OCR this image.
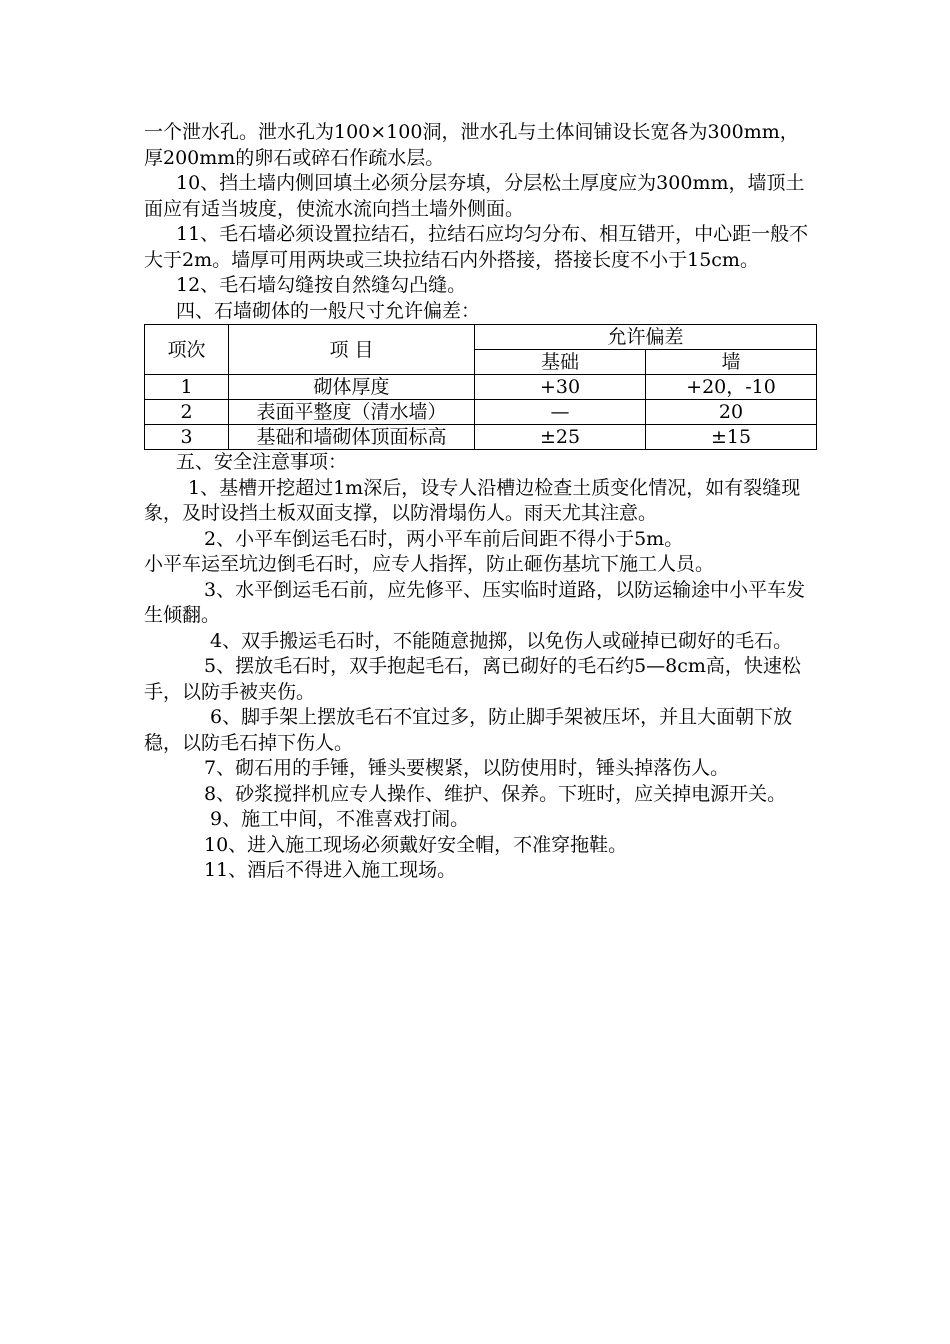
一个泄水孔。泄水孔为100×100洞，泄水孔与土体间铺设长宽各为300mm，厚200mm的卵石或碎石作疏水层。

10、挡土墙内侧回填土必须分层夯填，分层松土厚度应为300mm，墙顶土面应有适当坡度，使流水流向挡土墙外侧面。

11、毛石墙必须设置拉结石，拉结石应均匀分布、相互错开，中心距一般不大于2m。墙厚可用两块或三块拉结石内外搭接，搭接长度不小于15cm。

12、毛石墙勾缝按自然缝勾凸缝。

四、石墙砌体的一般尺寸允许偏差：

项次	项 目	允许偏差	
		基础	墙
1	砌体厚度	+30	+20，-10
2	表面平整度（清水墙）	—	20
3	基础和墙砌体顶面标高	±25	±15

五、安全注意事项：

1、基槽开挖超过1m深后，设专人沿槽边检查土质变化情况，如有裂缝现象，及时设挡土板双面支撑，以防滑塌伤人。雨天尤其注意。

2、小平车倒运毛石时，两小平车前后间距不得小于5m。

小平车运至坑边倒毛石时，应专人指挥，防止砸伤基坑下施工人员。

3、水平倒运毛石前，应先修平、压实临时道路，以防运输途中小平车发生倾翻。

4、双手搬运毛石时，不能随意抛掷，以免伤人或碰掉已砌好的毛石。

5、摆放毛石时，双手抱起毛石，离已砌好的毛石约5—8cm高，快速松手，以防手被夹伤。

6、脚手架上摆放毛石不宜过多，防止脚手架被压坏，并且大面朝下放稳，以防毛石掉下伤人。

7、砌石用的手锤，锤头要楔紧，以防使用时，锤头掉落伤人。

8、砂浆搅拌机应专人操作、维护、保养。下班时，应关掉电源开关。

9、施工中间，不准喜戏打闹。

10、进入施工现场必须戴好安全帽，不准穿拖鞋。

11、酒后不得进入施工现场。
